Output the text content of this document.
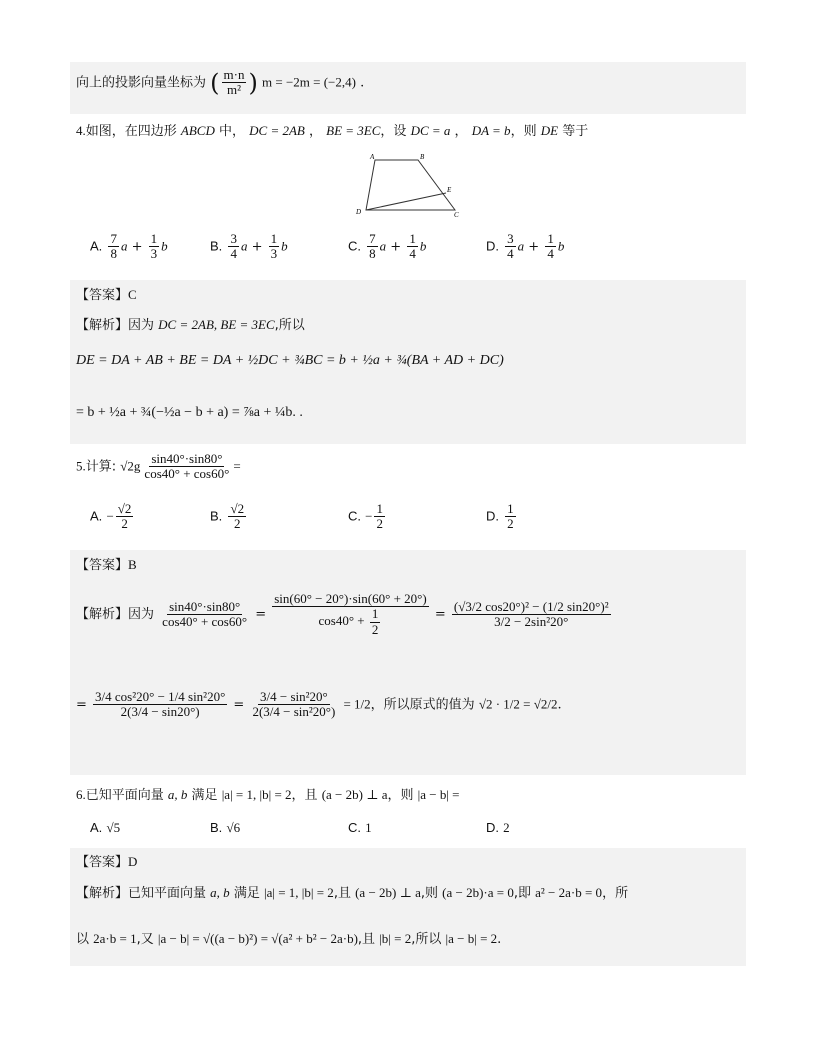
向上的投影向量坐标为 ( $\frac{m\cdot n}{\text{m²}}$ ) m = −2m = (−2,4) .
4.如图，在四边形 ABCD 中， DC = 2AB ， BE = 3EC，设 DC = a ， DA = b，则 DE 等于
A	B
E
C
D
A. $\frac{7}{8}$ $a + \frac{1}{3}$ b	B. $\frac{3}{4}$ $a + \frac{1}{3}$ b	C. $\frac{7}{8}$ $a + \frac{1}{4}$ b	D. $\frac{3}{4}$ $a + \frac{1}{4}$ b
【答案】C
【解析】因为 DC = 2AB, BE = 3EC,所以
DE = DA + AB + BE = DA + ½DC + ¾BC = b + ½a + ¾(BA + AD + DC)
= b + ½a + ¾(−½a − b + a) = ⅞a + ¼b. .
5.计算: $√2g \frac{\sin 40^\circ\cdot\sin 80^\circ}{\cos 40^\circ + \cos 60^\circ}$ =
A. − $\frac{√2}{2}$	B. $\frac{√2}{2}$	C. − $\frac{1}{2}$	D. $\frac{1}{2}$
【答案】B
【解析】因为 $\frac{\sin 40^\circ\cdot\sin 80^\circ}{\cos 40^\circ + \cos 60^\circ} = \frac{\sin(60^\circ - 20^\circ)\cdot\sin(60^\circ + 20^\circ)}{\cos 40^\circ + \frac{1}{2}} = \frac{\text{(√3/2 cos20°)² − (1/2 sin20°)²}}{\text{3/2 − 2sin²20°}}$
= $\frac{\text{3/4 cos²20° − 1/4 sin²20°}}{2(3/4 - \sin 20^\circ)} = \frac{\text{3/4 − sin²20°}}{\text{2(3/4 − sin²20°)}} = 1/2$，所以原式的值为 √2 · 1/2 = √2/2.
6.已知平面向量 a, b 满足 |a| = 1, |b| = 2，且 (a − 2b) ⊥ a，则 |a − b| =
A. √5	B. √6	C. 1	D. 2
【答案】D
【解析】已知平面向量 a, b 满足 |a| = 1, |b| = 2,且 (a − 2b) ⊥ a,则 (a − 2b)·a = 0,即 a² − 2a·b = 0，所
以 2a·b = 1,又 |a − b| = √((a − b)²) = √(a² + b² − 2a·b),且 |b| = 2,所以 |a − b| = 2.
